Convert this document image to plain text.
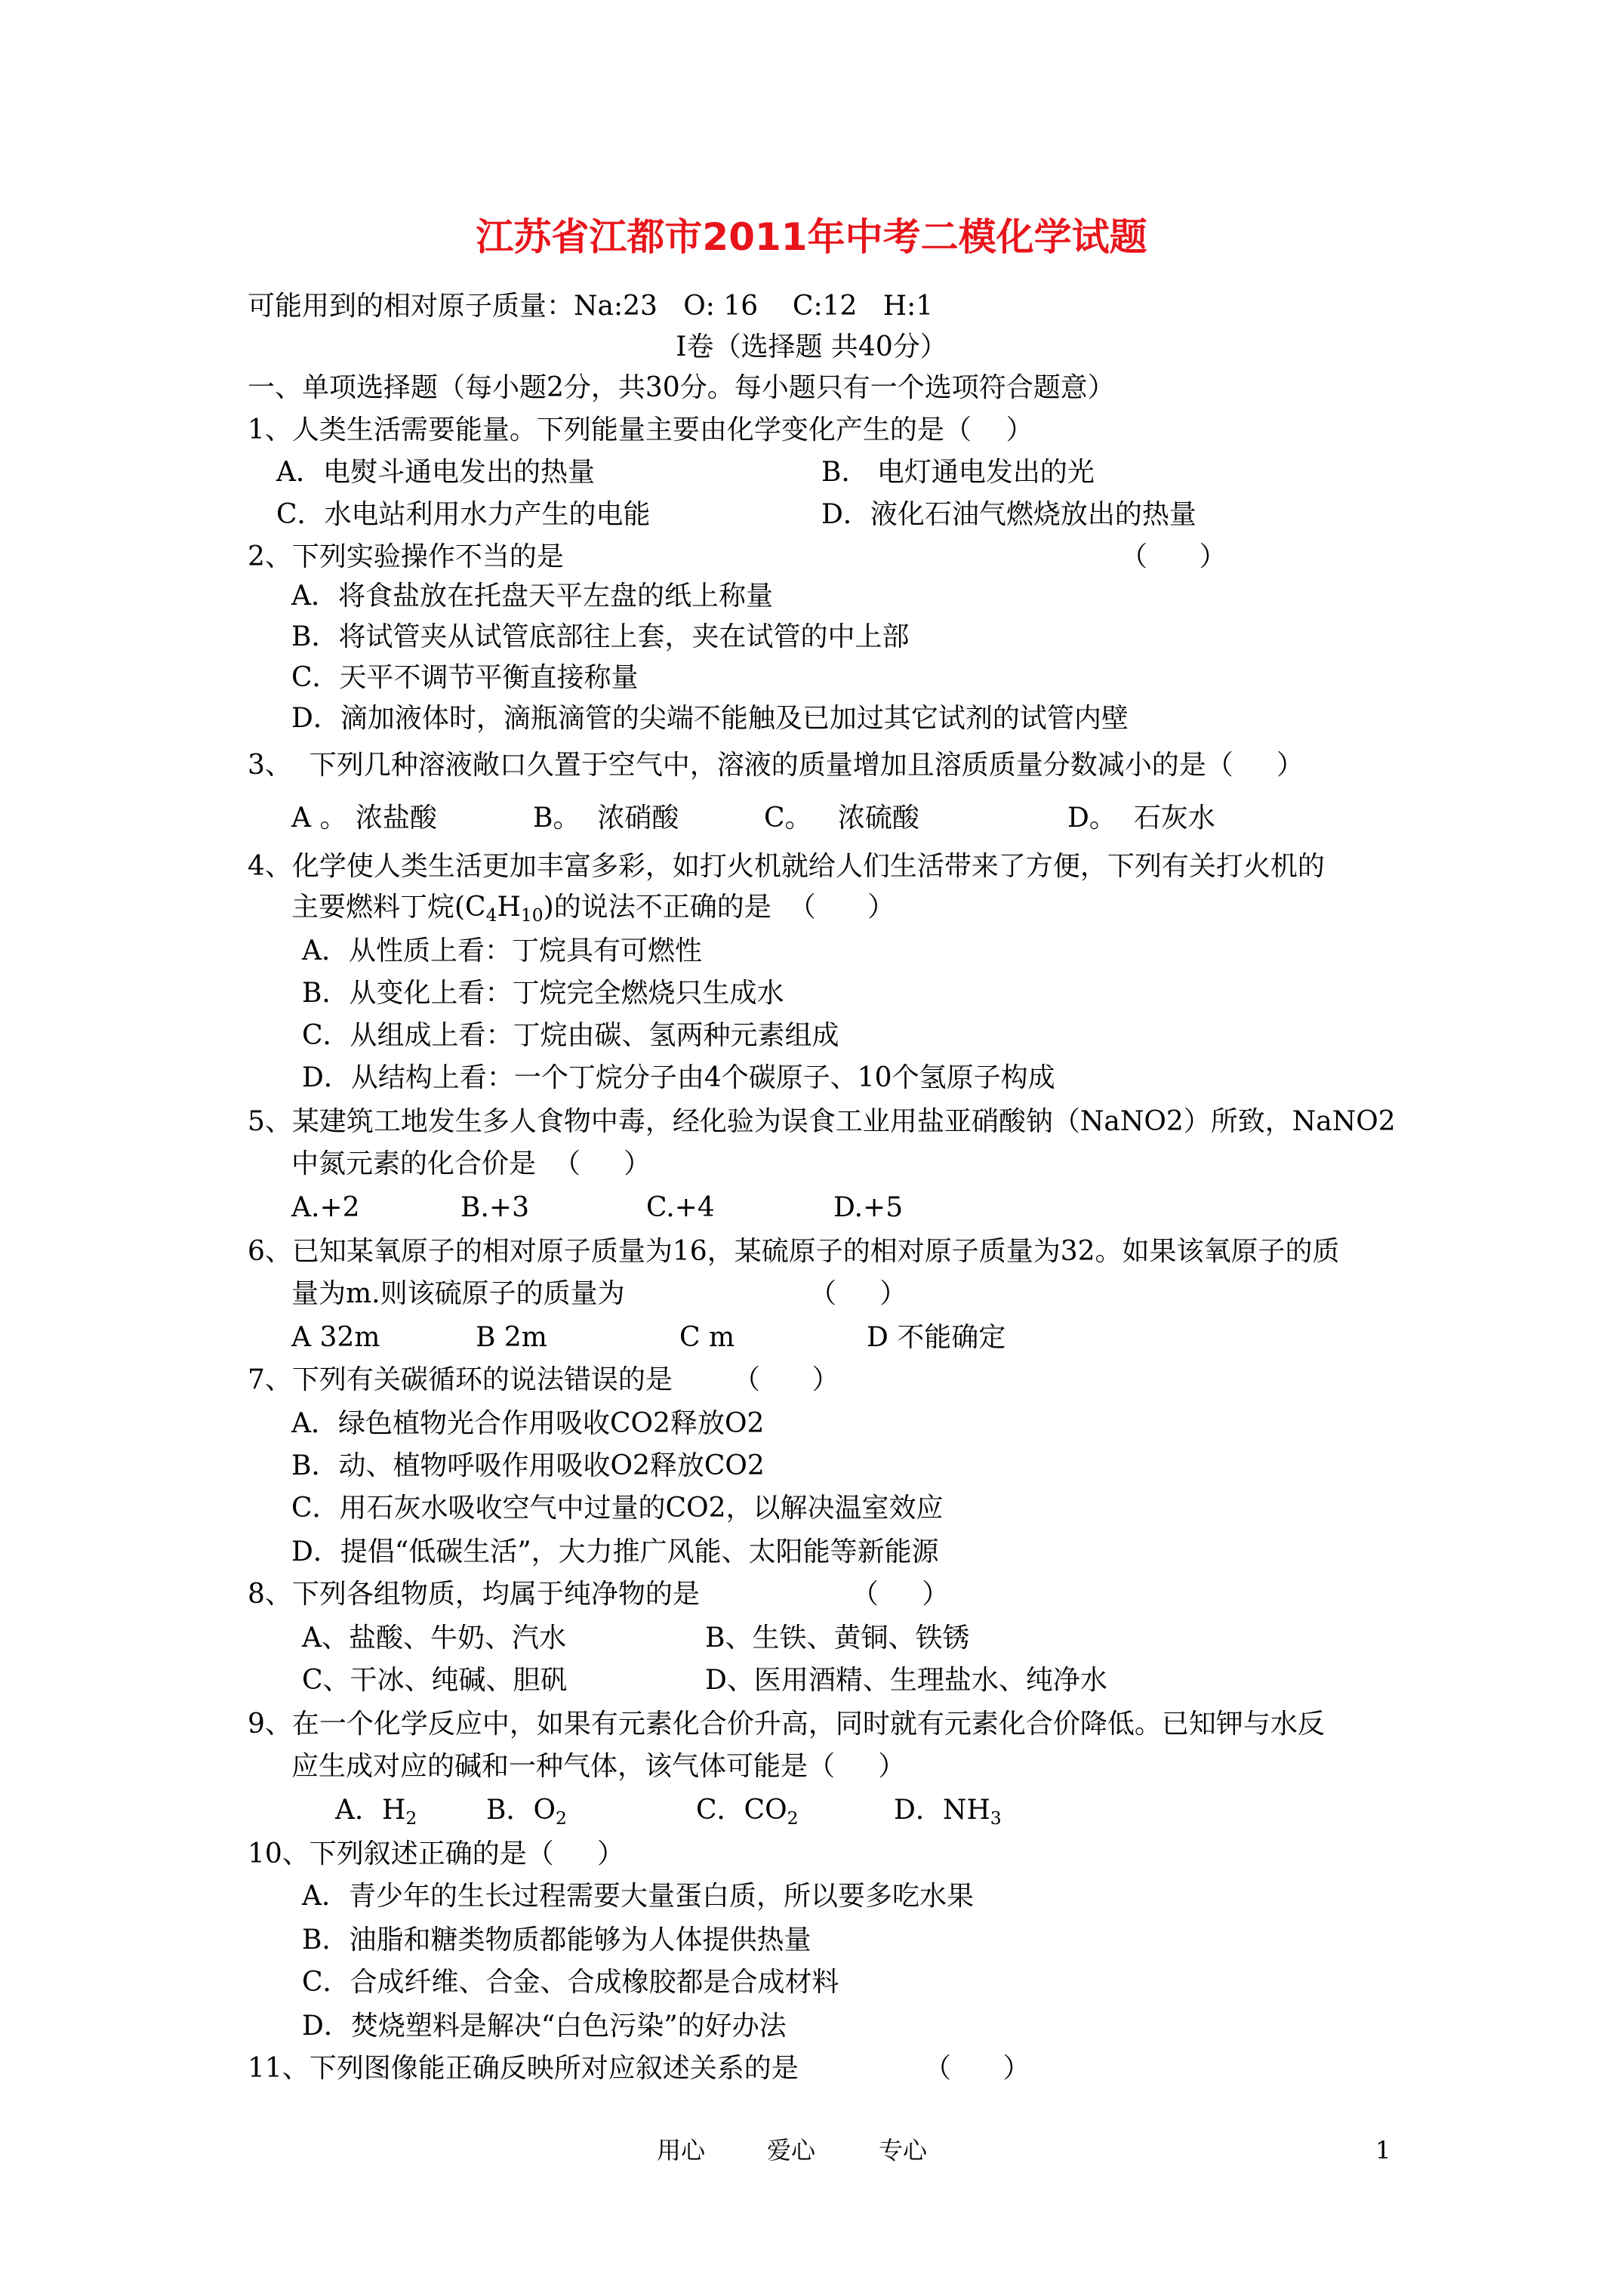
江苏省江都市2011年中考二模化学试题
可能用到的相对原子质量：Na:23   O: 16    C:12   H:1
I卷（选择题 共40分）
一、单项选择题（每小题2分，共30分。每小题只有一个选项符合题意）
1、人类生活需要能量。下列能量主要由化学变化产生的是（    ）
A．电熨斗通电发出的热量	B． 电灯通电发出的光
C．水电站利用水力产生的电能	D．液化石油气燃烧放出的热量
2、下列实验操作不当的是	（      ）
A．将食盐放在托盘天平左盘的纸上称量
B．将试管夹从试管底部往上套，夹在试管的中上部
C．天平不调节平衡直接称量
D．滴加液体时，滴瓶滴管的尖端不能触及已加过其它试剂的试管内壁
3、  下列几种溶液敞口久置于空气中，溶液的质量增加且溶质质量分数减小的是（     ）
A 。 浓盐酸	B。  浓硝酸	C。   浓硫酸	D。  石灰水
4、化学使人类生活更加丰富多彩，如打火机就给人们生活带来了方便，下列有关打火机的
主要燃料丁烷$(C_4H_{10})$的说法不正确的是  （      ）
A．从性质上看：丁烷具有可燃性
B．从变化上看：丁烷完全燃烧只生成水
C．从组成上看：丁烷由碳、氢两种元素组成
D．从结构上看：一个丁烷分子由4个碳原子、10个氢原子构成
5、某建筑工地发生多人食物中毒，经化验为误食工业用盐亚硝酸钠（NaNO2）所致，NaNO2
中氮元素的化合价是  （     ）
A.+2	B.+3	C.+4	D.+5
6、已知某氧原子的相对原子质量为16，某硫原子的相对原子质量为32。如果该氧原子的质
量为m.则该硫原子的质量为	（     ）
A 32m	B 2m	C m	D 不能确定
7、下列有关碳循环的说法错误的是       （      ）
A．绿色植物光合作用吸收CO2释放O2
B．动、植物呼吸作用吸收O2释放CO2
C．用石灰水吸收空气中过量的CO2，以解决温室效应
D．提倡“低碳生活”，大力推广风能、太阳能等新能源
8、下列各组物质，均属于纯净物的是	（     ）
A、盐酸、牛奶、汽水	B、生铁、黄铜、铁锈
C、干冰、纯碱、胆矾	D、医用酒精、生理盐水、纯净水
9、在一个化学反应中，如果有元素化合价升高，同时就有元素化合价降低。已知钾与水反
应生成对应的碱和一种气体，该气体可能是（     ）
A．$H_2$	B．$O_2$	C．$CO_2$	D．$NH_3$
10、下列叙述正确的是（     ）
A．青少年的生长过程需要大量蛋白质，所以要多吃水果
B．油脂和糖类物质都能够为人体提供热量
C．合成纤维、合金、合成橡胶都是合成材料
D．焚烧塑料是解决“白色污染”的好办法
11、下列图像能正确反映所对应叙述关系的是	（      ）
用心	爱心	专心	1
